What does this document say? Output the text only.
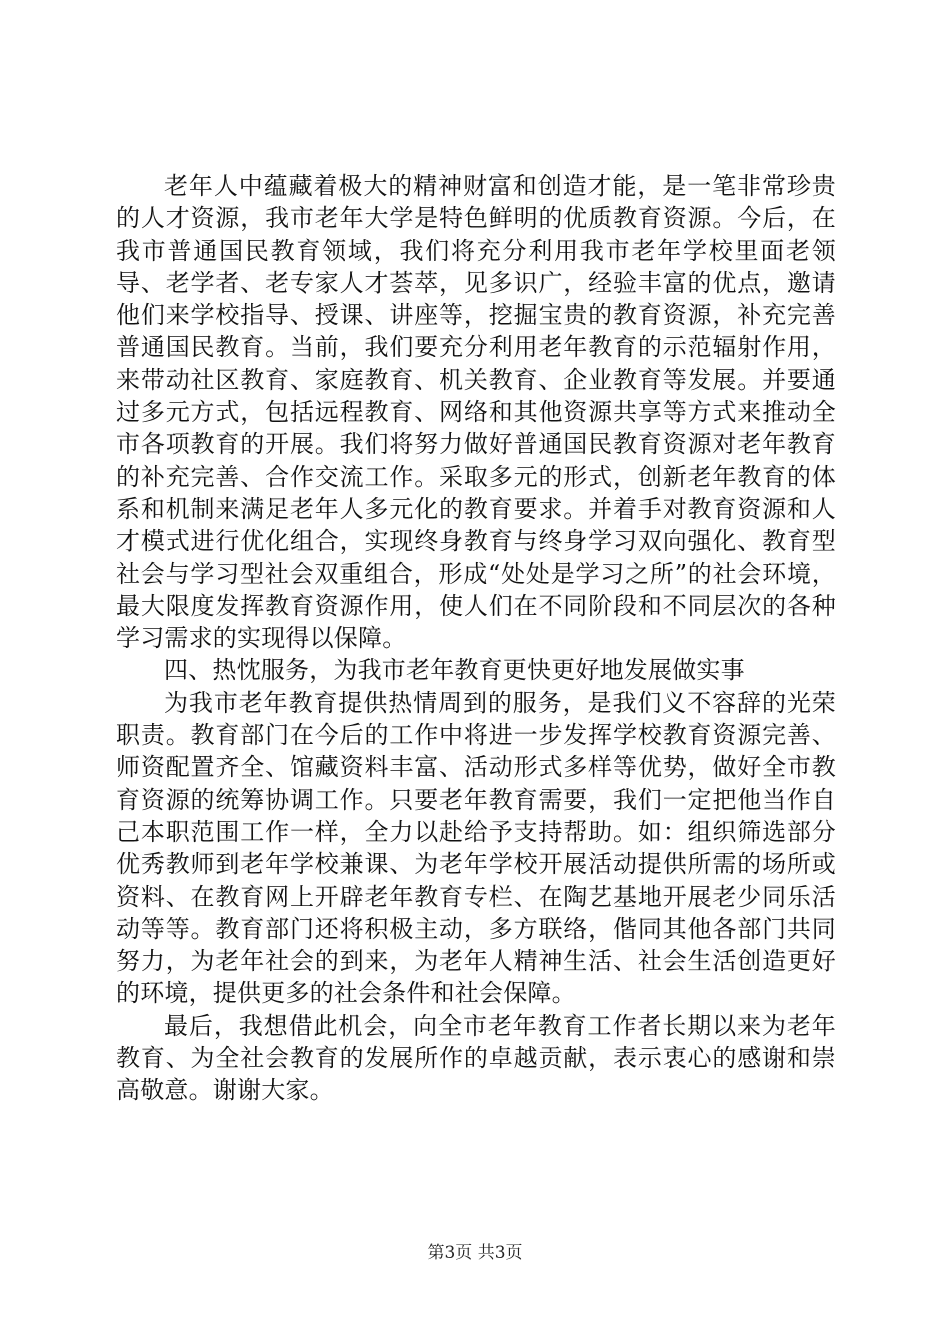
老年人中蕴藏着极大的精神财富和创造才能，是一笔非常珍贵的人才资源，我市老年大学是特色鲜明的优质教育资源。今后，在我市普通国民教育领域，我们将充分利用我市老年学校里面老领导、老学者、老专家人才荟萃，见多识广，经验丰富的优点，邀请他们来学校指导、授课、讲座等，挖掘宝贵的教育资源，补充完善普通国民教育。当前，我们要充分利用老年教育的示范辐射作用，来带动社区教育、家庭教育、机关教育、企业教育等发展。并要通过多元方式，包括远程教育、网络和其他资源共享等方式来推动全市各项教育的开展。我们将努力做好普通国民教育资源对老年教育的补充完善、合作交流工作。采取多元的形式，创新老年教育的体系和机制来满足老年人多元化的教育要求。并着手对教育资源和人才模式进行优化组合，实现终身教育与终身学习双向强化、教育型社会与学习型社会双重组合，形成“处处是学习之所”的社会环境，最大限度发挥教育资源作用，使人们在不同阶段和不同层次的各种学习需求的实现得以保障。

四、热忱服务，为我市老年教育更快更好地发展做实事

为我市老年教育提供热情周到的服务，是我们义不容辞的光荣职责。教育部门在今后的工作中将进一步发挥学校教育资源完善、师资配置齐全、馆藏资料丰富、活动形式多样等优势，做好全市教育资源的统筹协调工作。只要老年教育需要，我们一定把他当作自己本职范围工作一样，全力以赴给予支持帮助。如：组织筛选部分优秀教师到老年学校兼课、为老年学校开展活动提供所需的场所或资料、在教育网上开辟老年教育专栏、在陶艺基地开展老少同乐活动等等。教育部门还将积极主动，多方联络，偕同其他各部门共同努力，为老年社会的到来，为老年人精神生活、社会生活创造更好的环境，提供更多的社会条件和社会保障。

最后，我想借此机会，向全市老年教育工作者长期以来为老年教育、为全社会教育的发展所作的卓越贡献，表示衷心的感谢和崇高敬意。谢谢大家。

第3页 共3页
